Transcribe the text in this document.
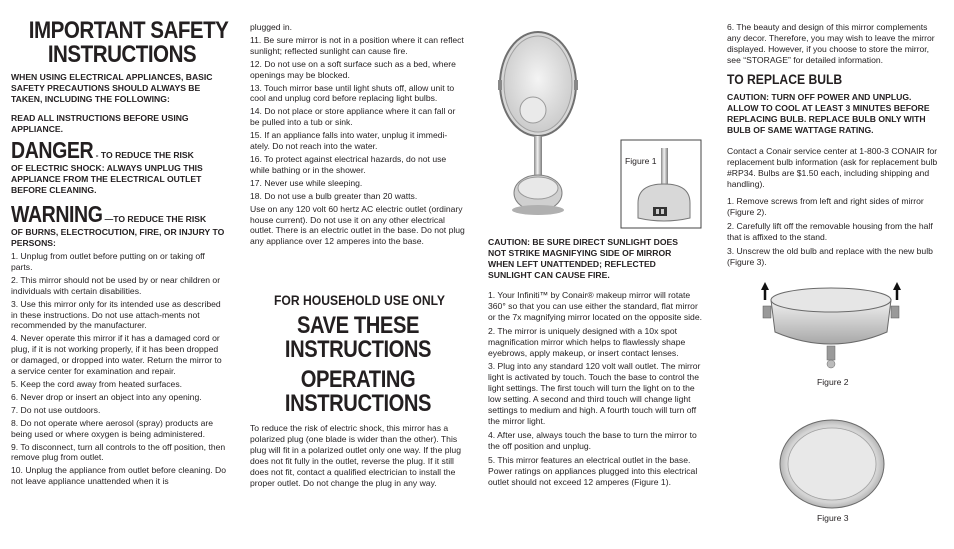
IMPORTANT SAFETY
INSTRUCTIONS

WHEN USING ELECTRICAL APPLIANCES, BASIC SAFETY PRECAUTIONS SHOULD ALWAYS BE TAKEN, INCLUDING THE FOLLOWING:

READ ALL INSTRUCTIONS BEFORE USING APPLIANCE.

DANGER - TO REDUCE THE RISK

OF ELECTRIC SHOCK: ALWAYS UNPLUG THIS APPLIANCE FROM THE ELECTRICAL OUTLET BEFORE CLEANING.

WARNING —TO REDUCE THE RISK

OF BURNS, ELECTROCUTION, FIRE, OR INJURY TO PERSONS:

1. Unplug from outlet before putting on or taking off parts.

2. This mirror should not be used by or near children or individuals with certain disabilities.

3. Use this mirror only for its intended use as described in these instructions. Do not use attach-ments not recommended by the manufacturer.

4. Never operate this mirror if it has a damaged cord or plug, if it is not working properly, if it has been dropped or damaged, or dropped into water. Return the mirror to a service center for examination and repair.

5. Keep the cord away from heated surfaces.

6. Never drop or insert an object into any opening.

7. Do not use outdoors.

8. Do not operate where aerosol (spray) products are being used or where oxygen is being administered.

9. To disconnect, turn all controls to the off position, then remove plug from outlet.

10. Unplug the appliance from outlet before cleaning. Do not leave appliance unattended when it is

plugged in.

11. Be sure mirror is not in a position where it can reflect sunlight; reflected sunlight can cause fire.

12. Do not use on a soft surface such as a bed, where openings may be blocked.

13. Touch mirror base until light shuts off, allow unit to cool and unplug cord before replacing light bulbs.

14. Do not place or store appliance where it can fall or be pulled into a tub or sink.

15. If an appliance falls into water, unplug it immedi-ately. Do not reach into the water.

16. To protect against electrical hazards, do not use while bathing or in the shower.

17. Never use while sleeping.

18. Do not use a bulb greater than 20 watts.

Use on any 120 volt 60 hertz AC electric outlet (ordinary house current). Do not use it on any other electrical outlet. There is an electric outlet in the base. Do not plug any appliance over 12 amperes into the base.

FOR HOUSEHOLD USE ONLY
SAVE THESE
INSTRUCTIONS
OPERATING
INSTRUCTIONS

To reduce the risk of electric shock, this mirror has a polarized plug (one blade is wider than the other). This plug will fit in a polarized outlet only one way. If the plug does not fit fully in the outlet, reverse the plug. If it still does not fit, contact a qualified electrician to install the proper outlet. Do not change the plug in any way.

Figure 1

CAUTION: BE SURE DIRECT SUNLIGHT DOES NOT STRIKE MAGNIFYING SIDE OF MIRROR WHEN LEFT UNATTENDED; REFLECTED SUNLIGHT CAN CAUSE FIRE.

1. Your Infiniti™ by Conair® makeup mirror will rotate 360° so that you can use either the standard, flat mirror or the 7x magnifying mirror located on the opposite side.

2. The mirror is uniquely designed with a 10x spot magnification mirror which helps to flawlessly shape eyebrows, apply makeup, or insert contact lenses.

3. Plug into any standard 120 volt wall outlet. The mirror light is activated by touch. Touch the base to control the light settings. The first touch will turn the light on to the low setting. A second and third touch will change light settings to medium and high. A fourth touch will turn off the mirror light.

4. After use, always touch the base to turn the mirror to the off position and unplug.

5. This mirror features an electrical outlet in the base. Power ratings on appliances plugged into this electrical outlet should not exceed 12 amperes (Figure 1).

6. The beauty and design of this mirror complements any decor. Therefore, you may wish to leave the mirror displayed. However, if you choose to store the mirror, see “STORAGE” for detailed information.

TO REPLACE BULB

CAUTION: TURN OFF POWER AND UNPLUG. ALLOW TO COOL AT LEAST 3 MINUTES BEFORE REPLACING BULB. REPLACE BULB ONLY WITH BULB OF SAME WATTAGE RATING.

Contact a Conair service center at 1-800-3 CONAIR for replacement bulb information (ask for replacement bulb #RP34. Bulbs are $1.50 each, including shipping and handling).

1. Remove screws from left and right sides of mirror (Figure 2).

2. Carefully lift off the removable housing from the half that is affixed to the stand.

3. Unscrew the old bulb and replace with the new bulb (Figure 3).

Figure 2
Figure 3
